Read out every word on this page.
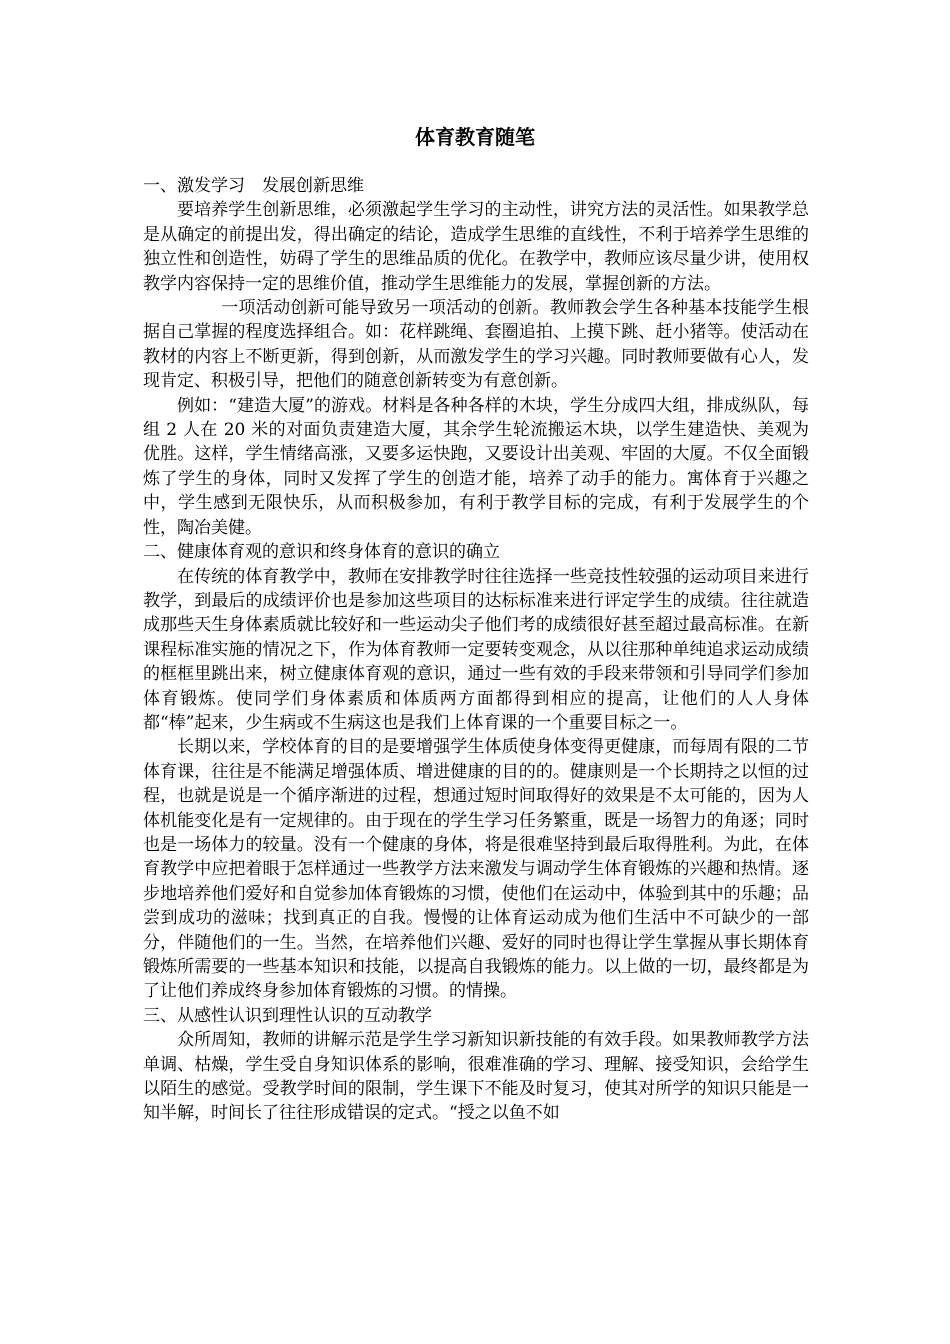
体育教育随笔

一、激发学习　发展创新思维

要培养学生创新思维，必须激起学生学习的主动性，讲究方法的灵活性。如果教学总是从确定的前提出发，得出确定的结论，造成学生思维的直线性，不利于培养学生思维的独立性和创造性，妨碍了学生的思维品质的优化。在教学中，教师应该尽量少讲，使用权教学内容保持一定的思维价值，推动学生思维能力的发展，掌握创新的方法。

一项活动创新可能导致另一项活动的创新。教师教会学生各种基本技能学生根据自己掌握的程度选择组合。如：花样跳绳、套圈追拍、上摸下跳、赶小猪等。使活动在教材的内容上不断更新，得到创新，从而激发学生的学习兴趣。同时教师要做有心人，发现肯定、积极引导，把他们的随意创新转变为有意创新。

例如：“建造大厦”的游戏。材料是各种各样的木块，学生分成四大组，排成纵队，每组 2 人在 20 米的对面负责建造大厦，其余学生轮流搬运木块，以学生建造快、美观为优胜。这样，学生情绪高涨，又要多运快跑，又要设计出美观、牢固的大厦。不仅全面锻炼了学生的身体，同时又发挥了学生的创造才能，培养了动手的能力。寓体育于兴趣之中，学生感到无限快乐，从而积极参加，有利于教学目标的完成，有利于发展学生的个性，陶冶美健。

二、健康体育观的意识和终身体育的意识的确立

在传统的体育教学中，教师在安排教学时往往选择一些竞技性较强的运动项目来进行教学，到最后的成绩评价也是参加这些项目的达标标准来进行评定学生的成绩。往往就造成那些天生身体素质就比较好和一些运动尖子他们考的成绩很好甚至超过最高标准。在新课程标准实施的情况之下，作为体育教师一定要转变观念，从以往那种单纯追求运动成绩的框框里跳出来，树立健康体育观的意识，通过一些有效的手段来带领和引导同学们参加体育锻炼。使同学们身体素质和体质两方面都得到相应的提高，让他们的人人身体都“棒”起来，少生病或不生病这也是我们上体育课的一个重要目标之一。

长期以来，学校体育的目的是要增强学生体质使身体变得更健康，而每周有限的二节体育课，往往是不能满足增强体质、增进健康的目的的。健康则是一个长期持之以恒的过程，也就是说是一个循序渐进的过程，想通过短时间取得好的效果是不太可能的，因为人体机能变化是有一定规律的。由于现在的学生学习任务繁重，既是一场智力的角逐；同时也是一场体力的较量。没有一个健康的身体，将是很难坚持到最后取得胜利。为此，在体育教学中应把着眼于怎样通过一些教学方法来激发与调动学生体育锻炼的兴趣和热情。逐步地培养他们爱好和自觉参加体育锻炼的习惯，使他们在运动中，体验到其中的乐趣；品尝到成功的滋味；找到真正的自我。慢慢的让体育运动成为他们生活中不可缺少的一部分，伴随他们的一生。当然，在培养他们兴趣、爱好的同时也得让学生掌握从事长期体育锻炼所需要的一些基本知识和技能，以提高自我锻炼的能力。以上做的一切，最终都是为了让他们养成终身参加体育锻炼的习惯。的情操。

三、从感性认识到理性认识的互动教学

众所周知，教师的讲解示范是学生学习新知识新技能的有效手段。如果教师教学方法单调、枯燥，学生受自身知识体系的影响，很难准确的学习、理解、接受知识，会给学生以陌生的感觉。受教学时间的限制，学生课下不能及时复习，使其对所学的知识只能是一知半解，时间长了往往形成错误的定式。“授之以鱼不如
